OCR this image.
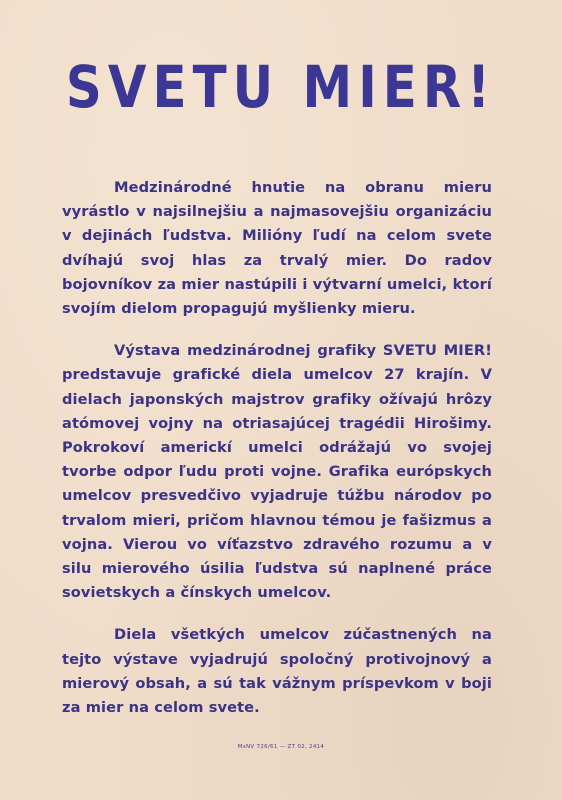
SVETU MIER!

Medzinárodné hnutie na obranu mieru vyrástlo v najsilnejšiu a najmasovejšiu organizáciu v dejinách ľudstva. Milióny ľudí na celom svete dvíhajú svoj hlas za trvalý mier. Do radov bojovníkov za mier nastúpili i výtvarní umelci, ktorí svojím dielom propagujú myšlienky mieru.

Výstava medzinárodnej grafiky SVETU MIER! predstavuje grafické diela umelcov 27 krajín. V dielach japonských majstrov grafiky ožívajú hrôzy atómovej vojny na otriasajúcej tragédii Hirošimy. Pokrokoví americkí umelci odrážajú vo svojej tvorbe odpor ľudu proti vojne. Grafika európskych umelcov presvedčivo vyjadruje túžbu národov po trvalom mieri, pričom hlavnou témou je fašizmus a vojna. Vierou vo víťazstvo zdravého rozumu a v silu mierového úsilia ľudstva sú naplnené práce sovietskych a čínskych umelcov.

Diela všetkých umelcov zúčastnených na tejto výstave vyjadrujú spoločný protivojnový a mierový obsah, a sú tak vážnym príspevkom v boji za mier na celom svete.

MsNV 726/61 — ZT 02, 2414
